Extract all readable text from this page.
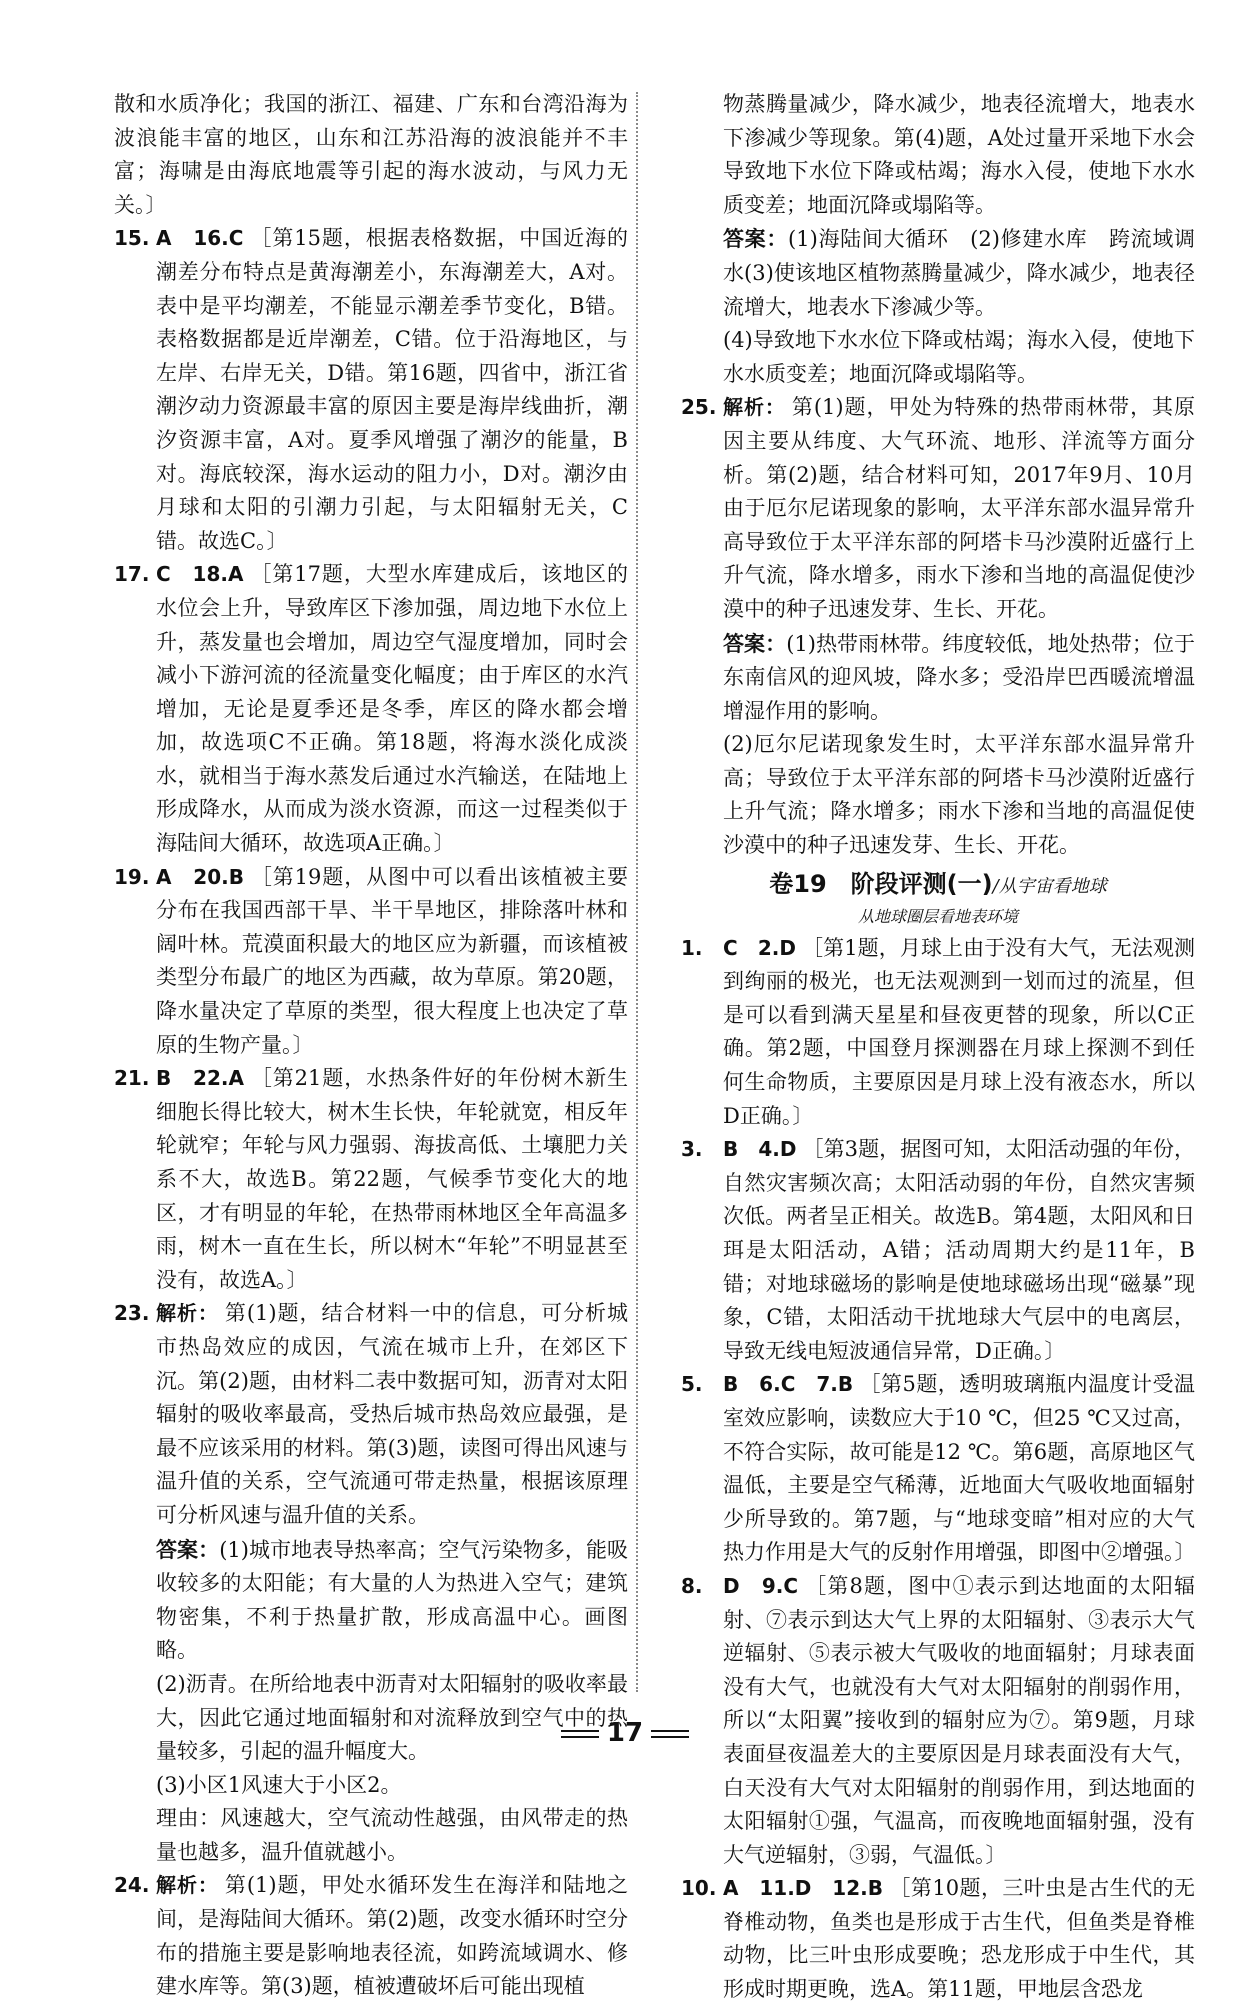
散和水质净化；我国的浙江、福建、广东和台湾沿海为波浪能丰富的地区，山东和江苏沿海的波浪能并不丰富；海啸是由海底地震等引起的海水波动，与风力无关。〕

15. A　16.C ［第15题，根据表格数据，中国近海的潮差分布特点是黄海潮差小，东海潮差大，A对。表中是平均潮差，不能显示潮差季节变化，B错。表格数据都是近岸潮差，C错。位于沿海地区，与左岸、右岸无关，D错。第16题，四省中，浙江省潮汐动力资源最丰富的原因主要是海岸线曲折，潮汐资源丰富，A对。夏季风增强了潮汐的能量，B对。海底较深，海水运动的阻力小，D对。潮汐由月球和太阳的引潮力引起，与太阳辐射无关，C错。故选C。〕
17. C　18.A ［第17题，大型水库建成后，该地区的水位会上升，导致库区下渗加强，周边地下水位上升，蒸发量也会增加，周边空气湿度增加，同时会减小下游河流的径流量变化幅度；由于库区的水汽增加，无论是夏季还是冬季，库区的降水都会增加，故选项C不正确。第18题，将海水淡化成淡水，就相当于海水蒸发后通过水汽输送，在陆地上形成降水，从而成为淡水资源，而这一过程类似于海陆间大循环，故选项A正确。〕
19. A　20.B ［第19题，从图中可以看出该植被主要分布在我国西部干旱、半干旱地区，排除落叶林和阔叶林。荒漠面积最大的地区应为新疆，而该植被类型分布最广的地区为西藏，故为草原。第20题，降水量决定了草原的类型，很大程度上也决定了草原的生物产量。〕
21. B　22.A ［第21题，水热条件好的年份树木新生细胞长得比较大，树木生长快，年轮就宽，相反年轮就窄；年轮与风力强弱、海拔高低、土壤肥力关系不大，故选B。第22题，气候季节变化大的地区，才有明显的年轮，在热带雨林地区全年高温多雨，树木一直在生长，所以树木“年轮”不明显甚至没有，故选A。〕
23. 解析： 第(1)题，结合材料一中的信息，可分析城市热岛效应的成因，气流在城市上升，在郊区下沉。第(2)题，由材料二表中数据可知，沥青对太阳辐射的吸收率最高，受热后城市热岛效应最强，是最不应该采用的材料。第(3)题，读图可得出风速与温升值的关系，空气流通可带走热量，根据该原理可分析风速与温升值的关系。
答案：(1)城市地表导热率高；空气污染物多，能吸收较多的太阳能；有大量的人为热进入空气；建筑物密集，不利于热量扩散，形成高温中心。画图略。
(2)沥青。在所给地表中沥青对太阳辐射的吸收率最大，因此它通过地面辐射和对流释放到空气中的热量较多，引起的温升幅度大。
(3)小区1风速大于小区2。
理由：风速越大，空气流动性越强，由风带走的热量也越多，温升值就越小。
24. 解析： 第(1)题，甲处水循环发生在海洋和陆地之间，是海陆间大循环。第(2)题，改变水循环时空分布的措施主要是影响地表径流，如跨流域调水、修建水库等。第(3)题，植被遭破坏后可能出现植
物蒸腾量减少，降水减少，地表径流增大，地表水下渗减少等现象。第(4)题，A处过量开采地下水会导致地下水位下降或枯竭；海水入侵，使地下水水质变差；地面沉降或塌陷等。
答案：(1)海陆间大循环　(2)修建水库　跨流域调水(3)使该地区植物蒸腾量减少，降水减少，地表径流增大，地表水下渗减少等。
(4)导致地下水水位下降或枯竭；海水入侵，使地下水水质变差；地面沉降或塌陷等。
25. 解析： 第(1)题，甲处为特殊的热带雨林带，其原因主要从纬度、大气环流、地形、洋流等方面分析。第(2)题，结合材料可知，2017年9月、10月由于厄尔尼诺现象的影响，太平洋东部水温异常升高导致位于太平洋东部的阿塔卡马沙漠附近盛行上升气流，降水增多，雨水下渗和当地的高温促使沙漠中的种子迅速发芽、生长、开花。
答案：(1)热带雨林带。纬度较低，地处热带；位于东南信风的迎风坡，降水多；受沿岸巴西暖流增温增湿作用的影响。
(2)厄尔尼诺现象发生时，太平洋东部水温异常升高；导致位于太平洋东部的阿塔卡马沙漠附近盛行上升气流；降水增多；雨水下渗和当地的高温促使沙漠中的种子迅速发芽、生长、开花。
卷19　阶段评测(一)/从宇宙看地球
从地球圈层看地表环境
1.	C　2.D ［第1题，月球上由于没有大气，无法观测到绚丽的极光，也无法观测到一划而过的流星，但是可以看到满天星星和昼夜更替的现象，所以C正确。第2题，中国登月探测器在月球上探测不到任何生命物质，主要原因是月球上没有液态水，所以D正确。〕
3.	B　4.D ［第3题，据图可知，太阳活动强的年份，自然灾害频次高；太阳活动弱的年份，自然灾害频次低。两者呈正相关。故选B。第4题，太阳风和日珥是太阳活动，A错；活动周期大约是11年，B错；对地球磁场的影响是使地球磁场出现“磁暴”现象，C错，太阳活动干扰地球大气层中的电离层，导致无线电短波通信异常，D正确。〕
5.	B　6.C　7.B ［第5题，透明玻璃瓶内温度计受温室效应影响，读数应大于10 ℃，但25 ℃又过高，不符合实际，故可能是12 ℃。第6题，高原地区气温低，主要是空气稀薄，近地面大气吸收地面辐射少所导致的。第7题，与“地球变暗”相对应的大气热力作用是大气的反射作用增强，即图中②增强。〕
8.	D　9.C ［第8题，图中①表示到达地面的太阳辐射、⑦表示到达大气上界的太阳辐射、③表示大气逆辐射、⑤表示被大气吸收的地面辐射；月球表面没有大气，也就没有大气对太阳辐射的削弱作用，所以“太阳翼”接收到的辐射应为⑦。第9题，月球表面昼夜温差大的主要原因是月球表面没有大气，白天没有大气对太阳辐射的削弱作用，到达地面的太阳辐射①强，气温高，而夜晚地面辐射强，没有大气逆辐射，③弱，气温低。〕
10. A　11.D　12.B ［第10题，三叶虫是古生代的无脊椎动物，鱼类也是形成于古生代，但鱼类是脊椎动物，比三叶虫形成要晚；恐龙形成于中生代，其形成时期更晚，选A。第11题，甲地层含恐龙
17
